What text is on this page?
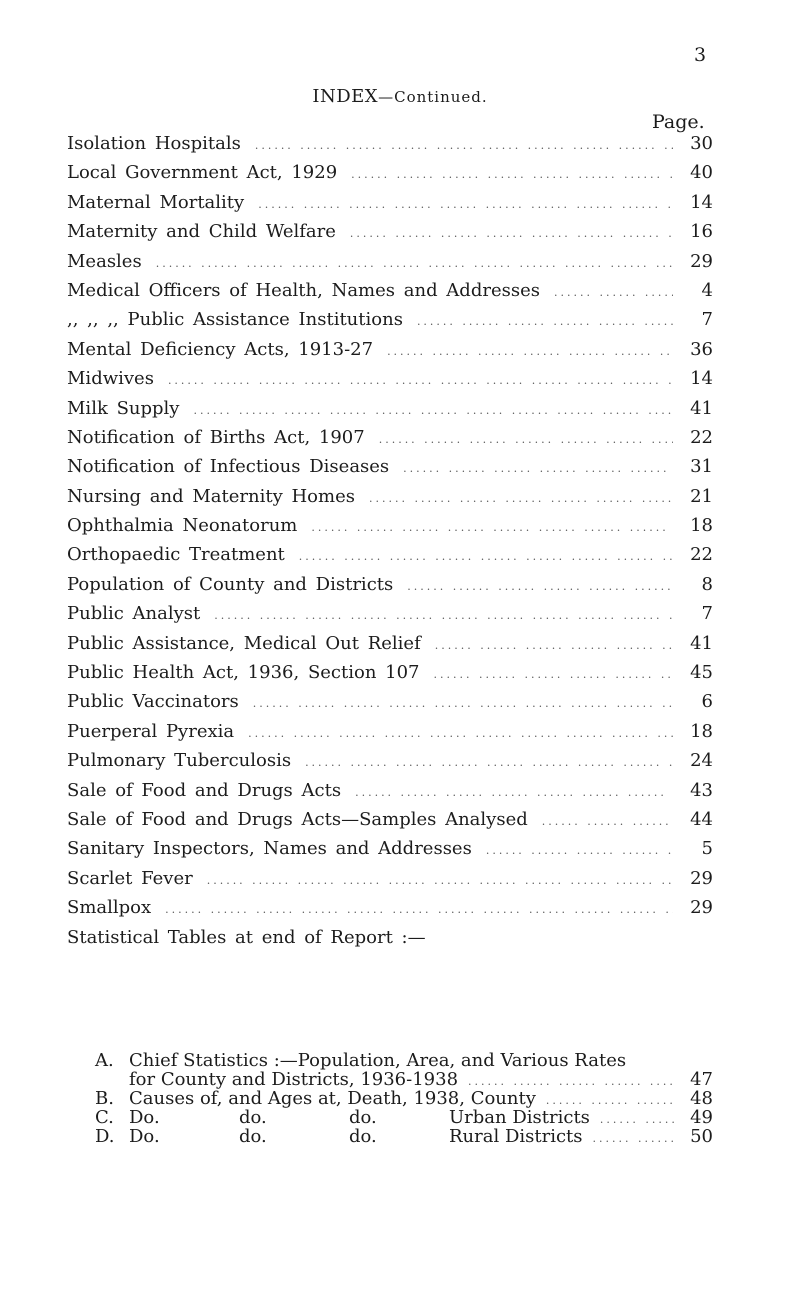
3
INDEX—Continued.
Page.
Isolation Hospitals .....	30
Local Government Act, 1929 .....	40
Maternal Mortality .....	14
Maternity and Child Welfare .....	16
Measles .....	29
Medical Officers of Health, Names and Addresses .....	4
,, ,, ,, Public Assistance Institutions .....	7
Mental Deficiency Acts, 1913-27 .....	36
Midwives .....	14
Milk Supply .....	41
Notification of Births Act, 1907 .....	22
Notification of Infectious Diseases .....	31
Nursing and Maternity Homes .....	21
Ophthalmia Neonatorum .....	18
Orthopaedic Treatment .....	22
Population of County and Districts .....	8
Public Analyst .....	7
Public Assistance, Medical Out Relief .....	41
Public Health Act, 1936, Section 107 .....	45
Public Vaccinators .....	6
Puerperal Pyrexia .....	18
Pulmonary Tuberculosis .....	24
Sale of Food and Drugs Acts .....	43
Sale of Food and Drugs Acts—Samples Analysed .....	44
Sanitary Inspectors, Names and Addresses .....	5
Scarlet Fever .....	29
Smallpox .....	29
Statistical Tables at end of Report :—
A. Chief Statistics :—Population, Area, and Various Rates
for County and Districts, 1936-1938 .....	47
B. Causes of, and Ages at, Death, 1938, County .....	48
C. Do.	do.	do.	Urban Districts .....	49
D. Do.	do.	do.	Rural Districts .....	50
